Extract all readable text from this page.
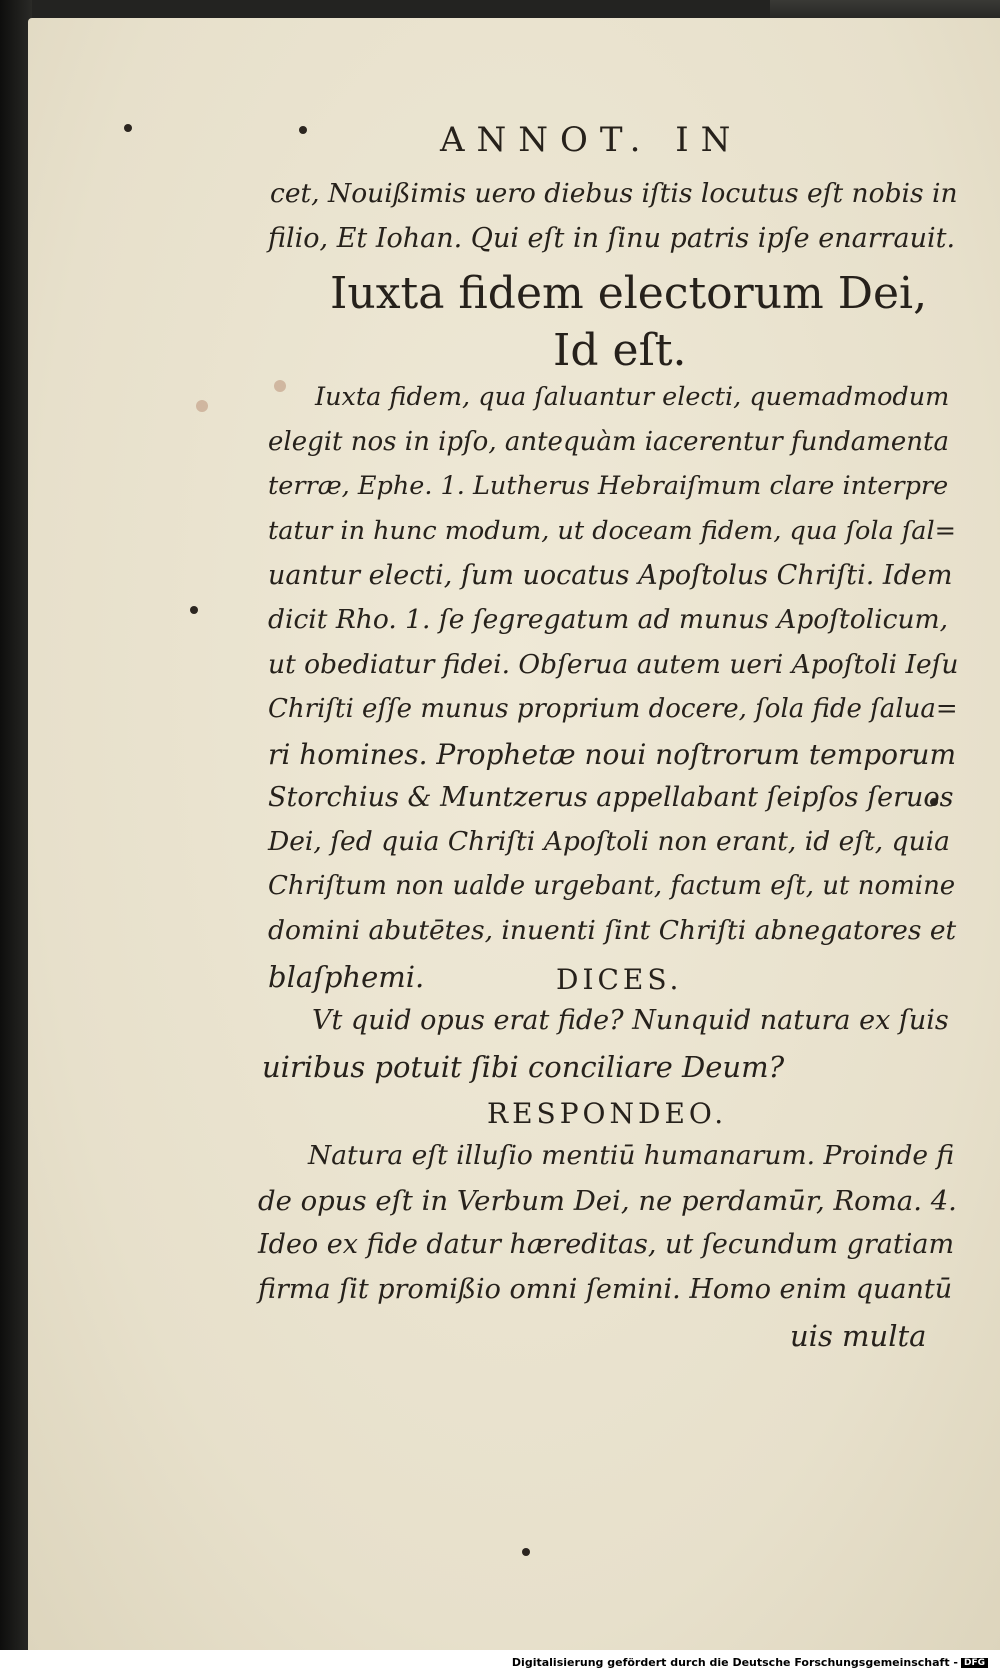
ANNOT. IN
cet, Nouißimis uero diebus iſtis locutus eſt nobis in
filio, Et Iohan. Qui eſt in ſinu patris ipſe enarrauit.
Iuxta fidem electorum Dei,
Id eſt.
Iuxta fidem, qua ſaluantur electi, quemadmodum
elegit nos in ipſo, antequàm iacerentur fundamenta
terræ, Ephe. 1. Lutherus Hebraiſmum clare interpre
tatur in hunc modum, ut doceam fidem, qua ſola ſal=
uantur electi, ſum uocatus Apoſtolus Chriſti. Idem
dicit Rho. 1. ſe ſegregatum ad munus Apoſtolicum,
ut obediatur fidei. Obſerua autem ueri Apoſtoli Ieſu
Chriſti eſſe munus proprium docere, ſola fide ſalua=
ri homines. Prophetæ noui noſtrorum temporum
Storchius & Muntzerus appellabant ſeipſos ſeruos
Dei, ſed quia Chriſti Apoſtoli non erant, id eſt, quia
Chriſtum non ualde urgebant, factum eſt, ut nomine
domini abutētes, inuenti ſint Chriſti abnegatores et
blaſphemi.	DICES.
Vt quid opus erat fide? Nunquid natura ex ſuis
uiribus potuit ſibi conciliare Deum?
RESPONDEO.
Natura eſt illuſio mentiū humanarum. Proinde fi
de opus eſt in Verbum Dei, ne perdamūr, Roma. 4.
Ideo ex fide datur hæreditas, ut ſecundum gratiam
firma ſit promißio omni ſemini. Homo enim quantū
uis multa
Digitalisierung gefördert durch die Deutsche Forschungsgemeinschaft - DFG
